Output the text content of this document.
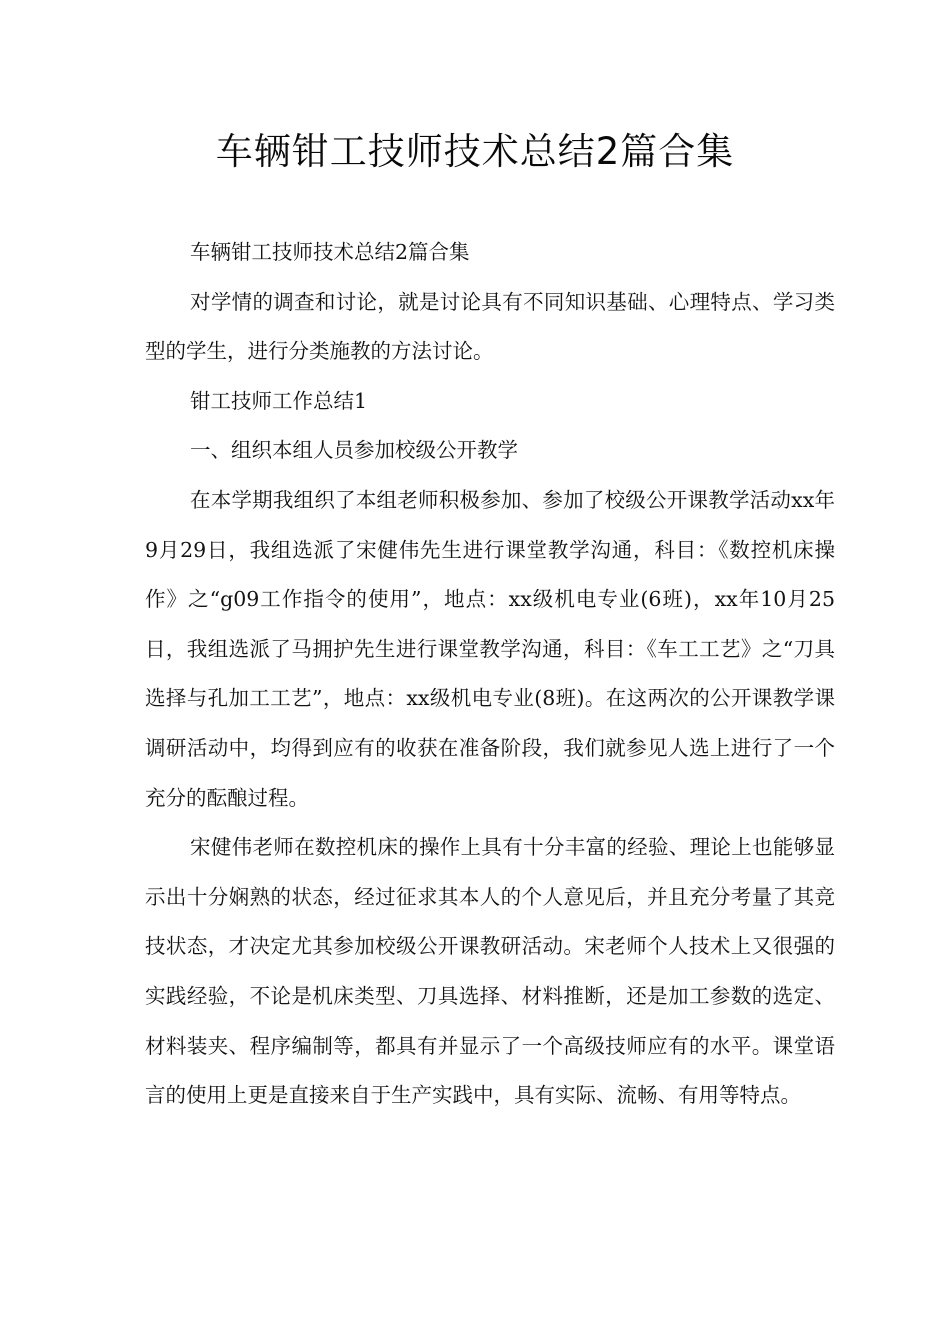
车辆钳工技师技术总结2篇合集

车辆钳工技师技术总结2篇合集

对学情的调查和讨论，就是讨论具有不同知识基础、心理特点、学习类型的学生，进行分类施教的方法讨论。

钳工技师工作总结1

一、组织本组人员参加校级公开教学

在本学期我组织了本组老师积极参加、参加了校级公开课教学活动xx年9月29日，我组选派了宋健伟先生进行课堂教学沟通，科目：《数控机床操作》之“g09工作指令的使用”，地点：xx级机电专业(6班)，xx年10月25日，我组选派了马拥护先生进行课堂教学沟通，科目：《车工工艺》之“刀具选择与孔加工工艺”，地点：xx级机电专业(8班)。在这两次的公开课教学课调研活动中，均得到应有的收获在准备阶段，我们就参见人选上进行了一个充分的酝酿过程。

宋健伟老师在数控机床的操作上具有十分丰富的经验、理论上也能够显示出十分娴熟的状态，经过征求其本人的个人意见后，并且充分考量了其竞技状态，才决定尤其参加校级公开课教研活动。宋老师个人技术上又很强的实践经验，不论是机床类型、刀具选择、材料推断，还是加工参数的选定、材料装夹、程序编制等，都具有并显示了一个高级技师应有的水平。课堂语言的使用上更是直接来自于生产实践中，具有实际、流畅、有用等特点。
